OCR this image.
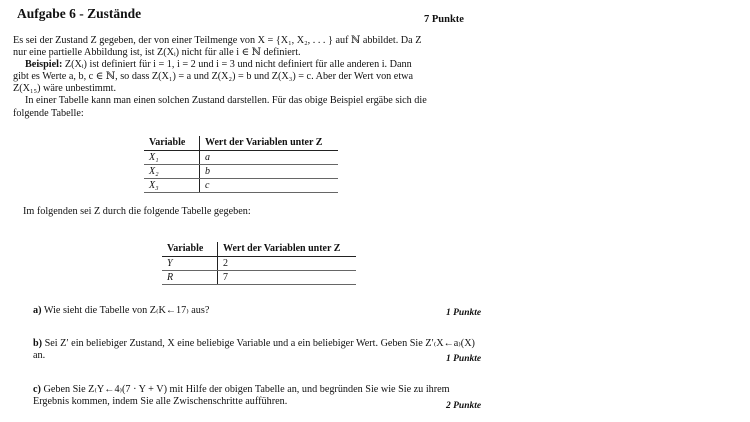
Aufgabe 6 - Zustände	7 Punkte

Es sei der Zustand Z gegeben, der von einer Teilmenge von X = {X₁, X₂, . . . } auf ℕ abbildet. Da Z

nur eine partielle Abbildung ist, ist Z(Xᵢ) nicht für alle i ∈ ℕ definiert.

Beispiel: Z(Xᵢ) ist definiert für i = 1, i = 2 und i = 3 und nicht definiert für alle anderen i. Dann

gibt es Werte a, b, c ∈ ℕ, so dass Z(X₁) = a und Z(X₂) = b und Z(X₃) = c. Aber der Wert von etwa

Z(X₁₅) wäre unbestimmt.

In einer Tabelle kann man einen solchen Zustand darstellen. Für das obige Beispiel ergäbe sich die

folgende Tabelle:

Variable	Wert der Variablen unter Z
X₁	a
X₂	b
X₃	c
Im folgenden sei Z durch die folgende Tabelle gegeben:
Variable	Wert der Variablen unter Z
Y	2
R	7
a) Wie sieht die Tabelle von Z₍K←17₎ aus?	1 Punkte
b) Sei Z′ ein beliebiger Zustand, X eine beliebige Variable und a ein beliebiger Wert. Geben Sie Z′₍X←a₎(X)
an.	1 Punkte
c) Geben Sie Z₍Y←4₎(7 · Y + V) mit Hilfe der obigen Tabelle an, und begründen Sie wie Sie zu ihrem
Ergebnis kommen, indem Sie alle Zwischenschritte aufführen.	2 Punkte
